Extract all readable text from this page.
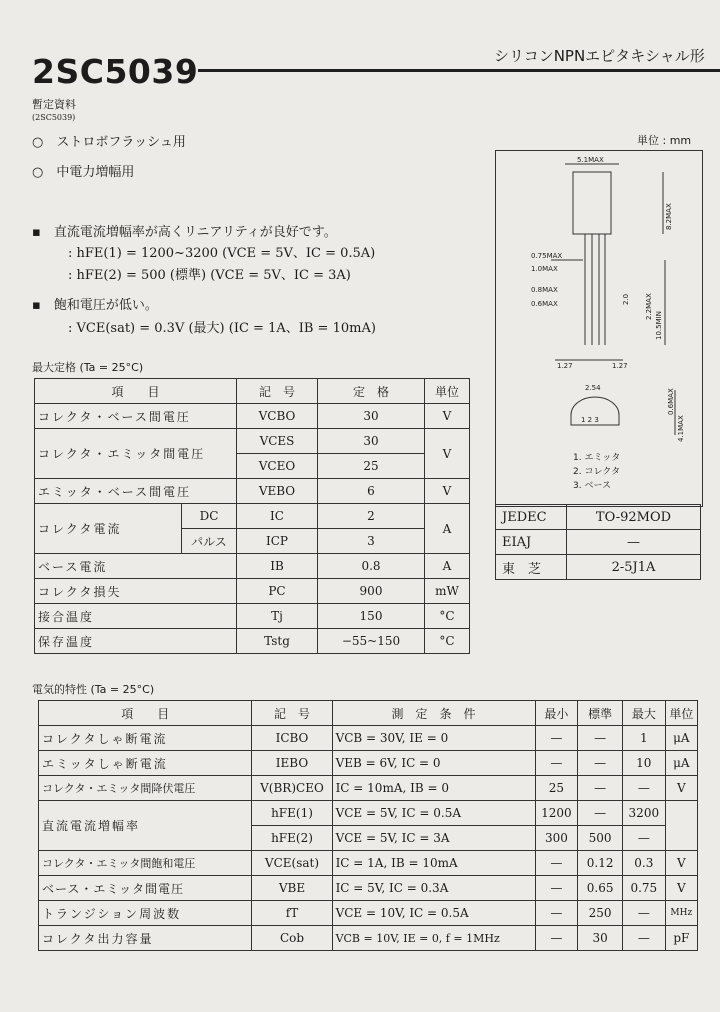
2SC5039	シリコンNPNエピタキシャル形
暫定資料
(2SC5039)
○　ストロボフラッシュ用
○　中電力増幅用
▪　直流電流増幅率が高くリニアリティが良好です。
: hFE(1) = 1200~3200 (VCE = 5V、IC = 0.5A)
: hFE(2) = 500 (標準) (VCE = 5V、IC = 3A)
▪　飽和電圧が低い。
: VCE(sat) = 0.3V (最大) (IC = 1A、IB = 10mA)
最大定格 (Ta = 25°C)
項　　目		記　号	定　格	単位
コレクタ・ベース間電圧		VCBO	30	V
コレクタ・エミッタ間電圧		VCES	30	V
		VCEO	25	
エミッタ・ベース間電圧		VEBO	6	V
コレクタ電流	DC	IC	2	A
	パルス	ICP	3	
ベース電流		IB	0.8	A
コレクタ損失		PC	900	mW
接合温度		Tj	150	°C
保存温度		Tstg	−55~150	°C
単位 : mm
5.1MAX
8.2MAX
0.75MAX
1.0MAX
0.8MAX
0.6MAX	2.0 2.2MAX
10.5MIN
1.27	1.27
2.54
0.6MAX
4.1MAX
1 2 3
1. エミッタ
2. コレクタ
3. ベース
JEDEC	TO-92MOD
EIAJ	—
東　芝	2-5J1A
電気的特性 (Ta = 25°C)
項　　目	記　号	測　定　条　件	最小	標準	最大	単位
コレクタしゃ断電流	ICBO	VCB = 30V, IE = 0	—	—	1	μA
エミッタしゃ断電流	IEBO	VEB = 6V, IC = 0	—	—	10	μA
コレクタ・エミッタ間降伏電圧	V(BR)CEO	IC = 10mA, IB = 0	25	—	—	V
直流電流増幅率	hFE(1)	VCE = 5V, IC = 0.5A	1200	—	3200	
	hFE(2)	VCE = 5V, IC = 3A	300	500	—	
コレクタ・エミッタ間飽和電圧	VCE(sat)	IC = 1A, IB = 10mA	—	0.12	0.3	V
ベース・エミッタ間電圧	VBE	IC = 5V, IC = 0.3A	—	0.65	0.75	V
トランジション周波数	fT	VCE = 10V, IC = 0.5A	—	250	—	MHz
コレクタ出力容量	Cob	VCB = 10V, IE = 0, f = 1MHz	—	30	—	pF
